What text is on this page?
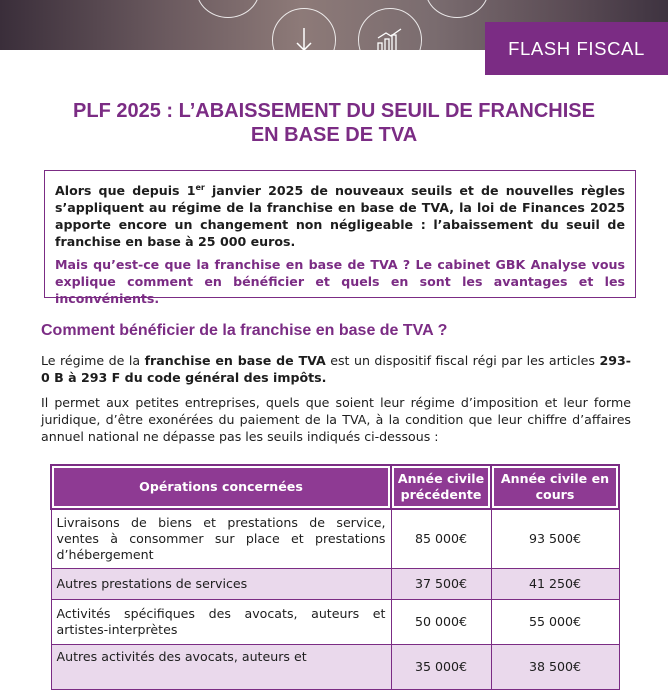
FLASH FISCAL
PLF 2025 : L’ABAISSEMENT DU SEUIL DE FRANCHISE
EN BASE DE TVA

Alors que depuis 1er janvier 2025 de nouveaux seuils et de nouvelles règles s’appliquent au régime de la franchise en base de TVA, la loi de Finances 2025 apporte encore un changement non négligeable : l’abaissement du seuil de franchise en base à 25 000 euros.

Mais qu’est-ce que la franchise en base de TVA ? Le cabinet GBK Analyse vous explique comment en bénéficier et quels en sont les avantages et les inconvénients.

Comment bénéficier de la franchise en base de TVA ?

Le régime de la franchise en base de TVA est un dispositif fiscal régi par les articles 293-0 B à 293 F du code général des impôts.

Il permet aux petites entreprises, quels que soient leur régime d’imposition et leur forme juridique, d’être exonérées du paiement de la TVA, à la condition que leur chiffre d’affaires annuel national ne dépasse pas les seuils indiqués ci-dessous :

Opérations concernées	Année civile précédente	Année civile en cours
Livraisons de biens et prestations de service, ventes à consommer sur place et prestations d’hébergement	85 000€	93 500€
Autres prestations de services	37 500€	41 250€
Activités spécifiques des avocats, auteurs et artistes-interprètes	50 000€	55 000€
Autres activités des avocats, auteurs et	35 000€	38 500€
